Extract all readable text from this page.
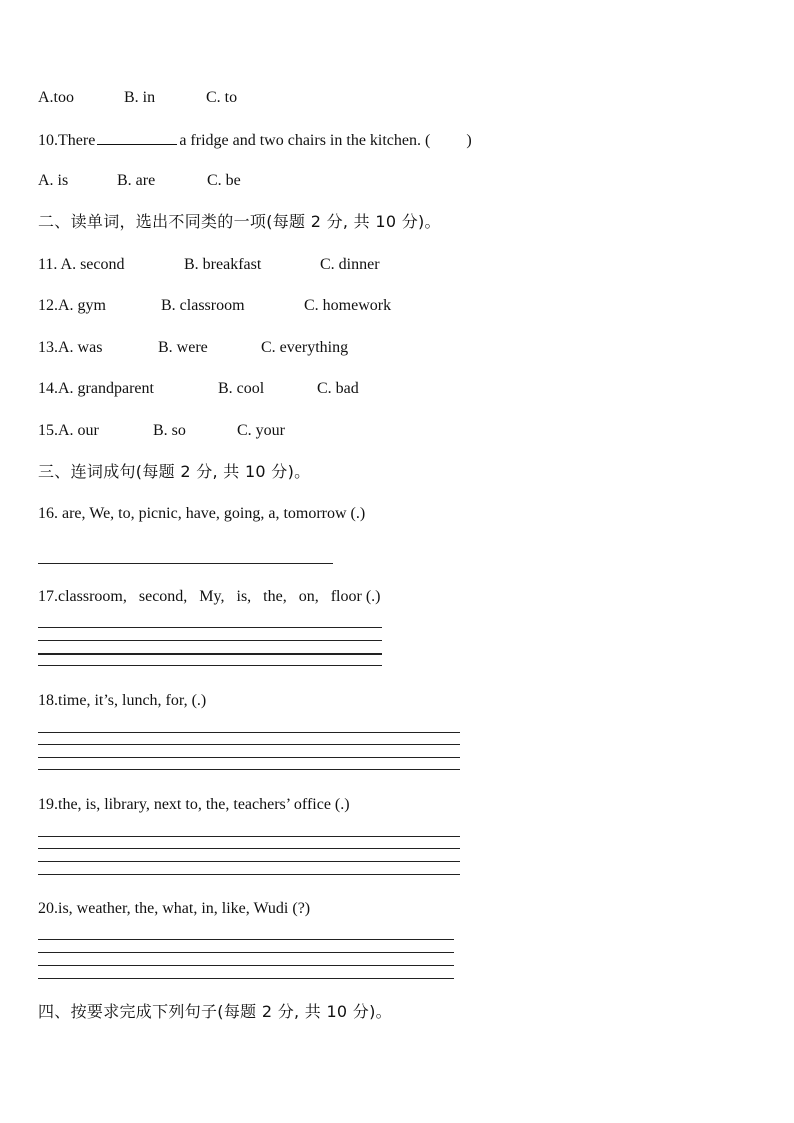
A.too	B. in	C. to
10.There	a fridge and two chairs in the kitchen. ( )
A. is	B. are	C. be
二、读单词，选出不同类的一项(每题 2 分, 共 10 分)。
11. A. second	B. breakfast	C. dinner
12.A. gym	B. classroom	C. homework
13.A. was	B. were	C. everything
14.A. grandparent	B. cool	C. bad
15.A. our	B. so	C. your
三、连词成句(每题 2 分, 共 10 分)。
16. are, We, to, picnic, have, going, a, tomorrow (.)
17.classroom,   second,   My,   is,   the,   on,   floor (.)
18.time, it’s, lunch, for, (.)
19.the, is, library, next to, the, teachers’ office (.)
20.is, weather, the, what, in, like, Wudi (?)
四、按要求完成下列句子(每题 2 分, 共 10 分)。
